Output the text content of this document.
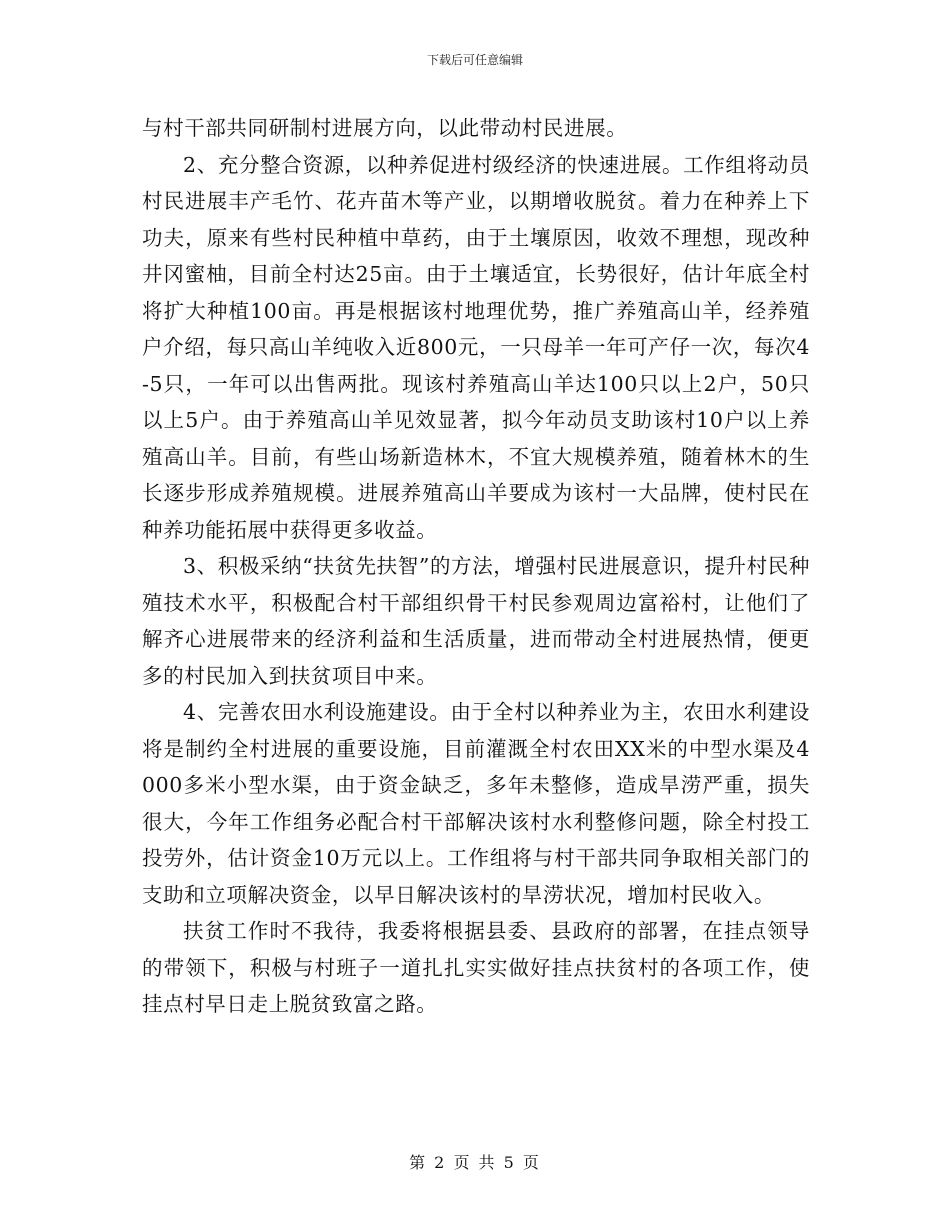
下载后可任意编辑

与村干部共同研制村进展方向，以此带动村民进展。

2、充分整合资源，以种养促进村级经济的快速进展。工作组将动员村民进展丰产毛竹、花卉苗木等产业，以期增收脱贫。着力在种养上下功夫，原来有些村民种植中草药，由于土壤原因，收效不理想，现改种井冈蜜柚，目前全村达25亩。由于土壤适宜，长势很好，估计年底全村将扩大种植100亩。再是根据该村地理优势，推广养殖高山羊，经养殖户介绍，每只高山羊纯收入近800元，一只母羊一年可产仔一次，每次4-5只，一年可以出售两批。现该村养殖高山羊达100只以上2户，50只以上5户。由于养殖高山羊见效显著，拟今年动员支助该村10户以上养殖高山羊。目前，有些山场新造林木，不宜大规模养殖，随着林木的生长逐步形成养殖规模。进展养殖高山羊要成为该村一大品牌，使村民在种养功能拓展中获得更多收益。

3、积极采纳“扶贫先扶智”的方法，增强村民进展意识，提升村民种殖技术水平，积极配合村干部组织骨干村民参观周边富裕村，让他们了解齐心进展带来的经济利益和生活质量，进而带动全村进展热情，便更多的村民加入到扶贫项目中来。

4、完善农田水利设施建设。由于全村以种养业为主，农田水利建设将是制约全村进展的重要设施，目前灌溉全村农田XX米的中型水渠及4000多米小型水渠，由于资金缺乏，多年未整修，造成旱涝严重，损失很大，今年工作组务必配合村干部解决该村水利整修问题，除全村投工投劳外，估计资金10万元以上。工作组将与村干部共同争取相关部门的支助和立项解决资金，以早日解决该村的旱涝状况，增加村民收入。

扶贫工作时不我待，我委将根据县委、县政府的部署，在挂点领导的带领下，积极与村班子一道扎扎实实做好挂点扶贫村的各项工作，使挂点村早日走上脱贫致富之路。

第 2 页 共 5 页
